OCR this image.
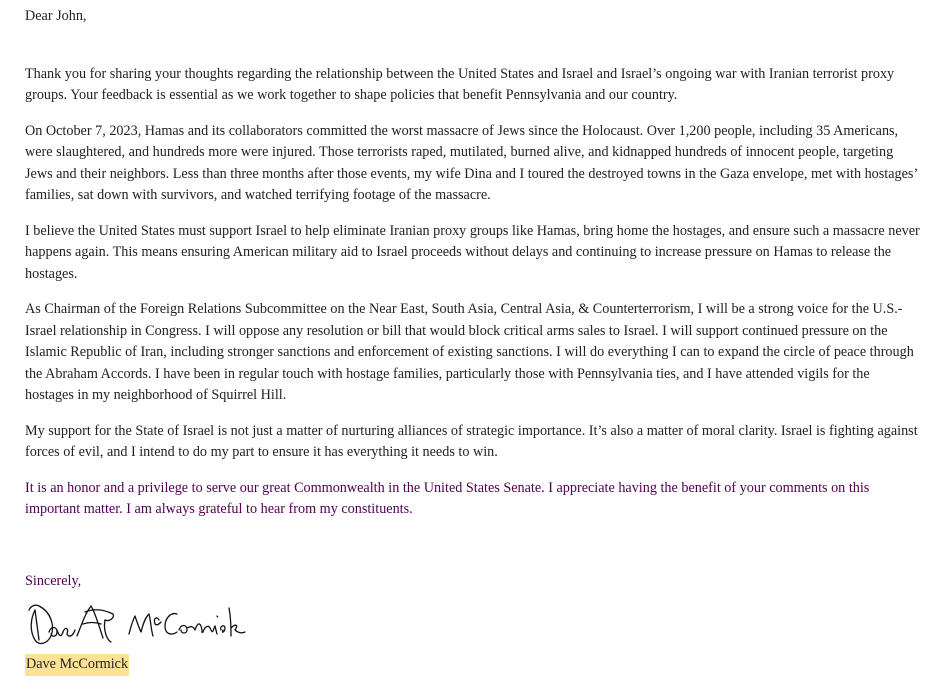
Dear John,

Thank you for sharing your thoughts regarding the relationship between the United States and Israel and Israel’s ongoing war with Iranian terrorist proxy groups. Your feedback is essential as we work together to shape policies that benefit Pennsylvania and our country.

On October 7, 2023, Hamas and its collaborators committed the worst massacre of Jews since the Holocaust. Over 1,200 people, including 35 Americans, were slaughtered, and hundreds more were injured. Those terrorists raped, mutilated, burned alive, and kidnapped hundreds of innocent people, targeting Jews and their neighbors. Less than three months after those events, my wife Dina and I toured the destroyed towns in the Gaza envelope, met with hostages’ families, sat down with survivors, and watched terrifying footage of the massacre.

I believe the United States must support Israel to help eliminate Iranian proxy groups like Hamas, bring home the hostages, and ensure such a massacre never happens again. This means ensuring American military aid to Israel proceeds without delays and continuing to increase pressure on Hamas to release the hostages.

As Chairman of the Foreign Relations Subcommittee on the Near East, South Asia, Central Asia, & Counterterrorism, I will be a strong voice for the U.S.-Israel relationship in Congress. I will oppose any resolution or bill that would block critical arms sales to Israel. I will support continued pressure on the Islamic Republic of Iran, including stronger sanctions and enforcement of existing sanctions. I will do everything I can to expand the circle of peace through the Abraham Accords. I have been in regular touch with hostage families, particularly those with Pennsylvania ties, and I have attended vigils for the hostages in my neighborhood of Squirrel Hill.

My support for the State of Israel is not just a matter of nurturing alliances of strategic importance. It’s also a matter of moral clarity. Israel is fighting against forces of evil, and I intend to do my part to ensure it has everything it needs to win.

It is an honor and a privilege to serve our great Commonwealth in the United States Senate. I appreciate having the benefit of your comments on this important matter. I am always grateful to hear from my constituents.

Sincerely,

Dave McCormick
